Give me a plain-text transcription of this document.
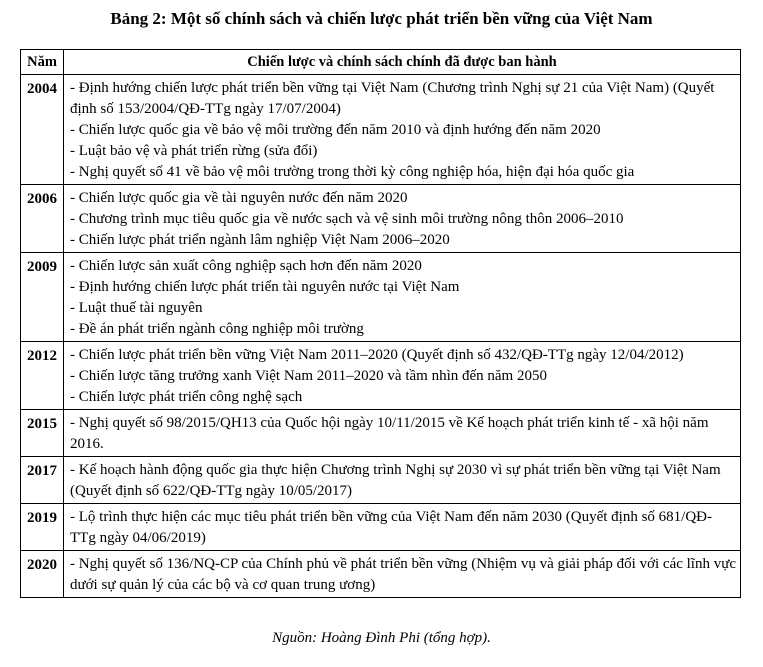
Bảng 2: Một số chính sách và chiến lược phát triển bền vững của Việt Nam
Năm	Chiến lược và chính sách chính đã được ban hành
2004	- Định hướng chiến lược phát triển bền vững tại Việt Nam (Chương trình Nghị sự 21 của Việt Nam) (Quyết định số 153/2004/QĐ-TTg ngày 17/07/2004)
- Chiến lược quốc gia về bảo vệ môi trường đến năm 2010 và định hướng đến năm 2020
- Luật bảo vệ và phát triển rừng (sửa đổi)
- Nghị quyết số 41 về bảo vệ môi trường trong thời kỳ công nghiệp hóa, hiện đại hóa quốc gia

2006	- Chiến lược quốc gia về tài nguyên nước đến năm 2020
- Chương trình mục tiêu quốc gia về nước sạch và vệ sinh môi trường nông thôn 2006–2010
- Chiến lược phát triển ngành lâm nghiệp Việt Nam 2006–2020

2009	- Chiến lược sản xuất công nghiệp sạch hơn đến năm 2020
- Định hướng chiến lược phát triển tài nguyên nước tại Việt Nam
- Luật thuế tài nguyên
- Đề án phát triển ngành công nghiệp môi trường

2012	- Chiến lược phát triển bền vững Việt Nam 2011–2020 (Quyết định số 432/QĐ-TTg ngày 12/04/2012)
- Chiến lược tăng trưởng xanh Việt Nam 2011–2020 và tầm nhìn đến năm 2050
- Chiến lược phát triển công nghệ sạch

2015	- Nghị quyết số 98/2015/QH13 của Quốc hội ngày 10/11/2015 về Kế hoạch phát triển kinh tế - xã hội năm 2016.

2017	- Kế hoạch hành động quốc gia thực hiện Chương trình Nghị sự 2030 vì sự phát triển bền vững tại Việt Nam (Quyết định số 622/QĐ-TTg ngày 10/05/2017)

2019	- Lộ trình thực hiện các mục tiêu phát triển bền vững của Việt Nam đến năm 2030 (Quyết định số 681/QĐ-TTg ngày 04/06/2019)

2020	- Nghị quyết số 136/NQ-CP của Chính phủ về phát triển bền vững (Nhiệm vụ và giải pháp đối với các lĩnh vực dưới sự quản lý của các bộ và cơ quan trung ương)
Nguồn: Hoàng Đình Phi (tổng hợp).
